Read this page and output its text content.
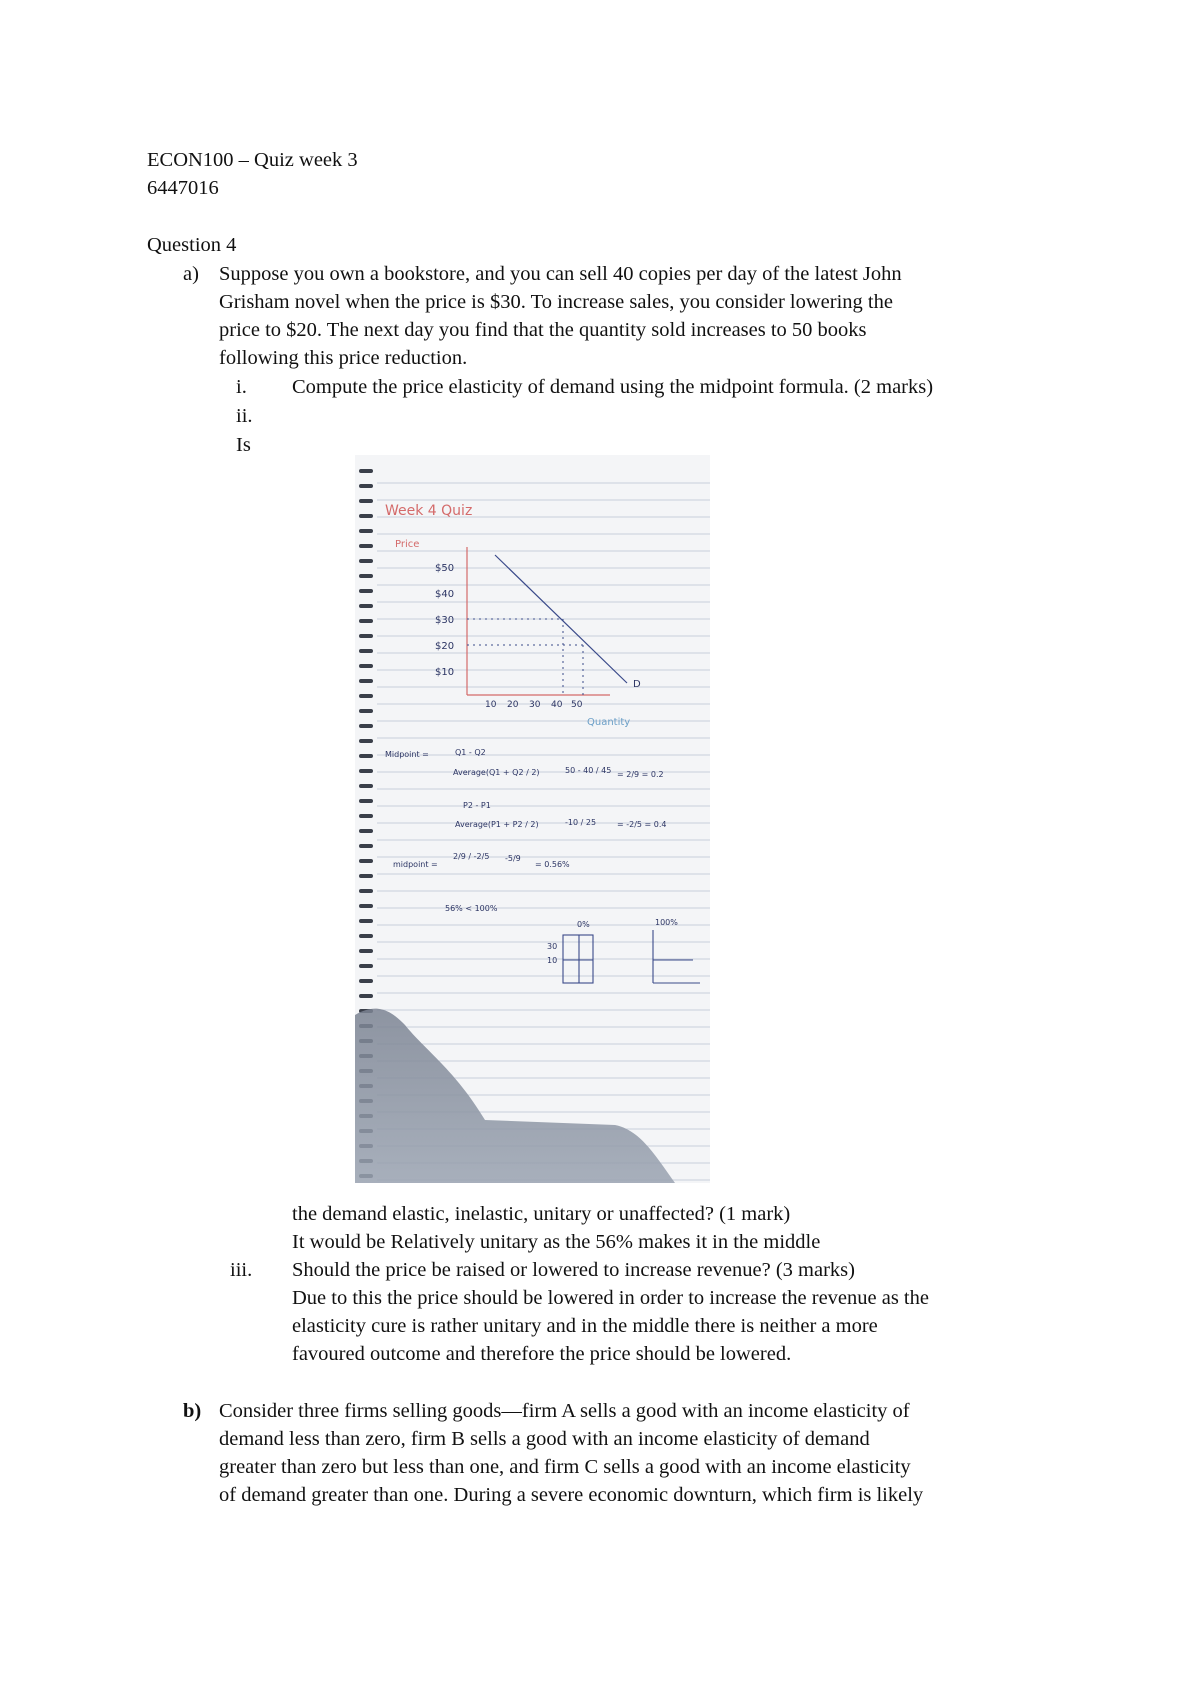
ECON100 – Quiz week 3
6447016
Question 4
a) Suppose you own a bookstore, and you can sell 40 copies per day of the latest John
Grisham novel when the price is $30. To increase sales, you consider lowering the
price to $20. The next day you find that the quantity sold increases to 50 books
following this price reduction.
i. Compute the price elasticity of demand using the midpoint formula. (2 marks)
ii.
Is
Week 4 Quiz
Price
$50
$40
$30
$20
$10
D
10 20 30 40 50
Quantity
Midpoint =	Q1 - Q2
Average(Q1 + Q2 / 2)	50 - 40 / 45 = 2/9 = 0.2
P2 - P1
Average(P1 + P2 / 2)	-10 / 25	= -2/5 = 0.4
midpoint =
2/9 / -2/5 -5/9
= 0.56%
56% < 100%
0%	100%
30
10
the demand elastic, inelastic, unitary or unaffected? (1 mark)
It would be Relatively unitary as the 56% makes it in the middle
iii. Should the price be raised or lowered to increase revenue? (3 marks)
Due to this the price should be lowered in order to increase the revenue as the
elasticity cure is rather unitary and in the middle there is neither a more
favoured outcome and therefore the price should be lowered.
b) Consider three firms selling goods—firm A sells a good with an income elasticity of
demand less than zero, firm B sells a good with an income elasticity of demand
greater than zero but less than one, and firm C sells a good with an income elasticity
of demand greater than one. During a severe economic downturn, which firm is likely
